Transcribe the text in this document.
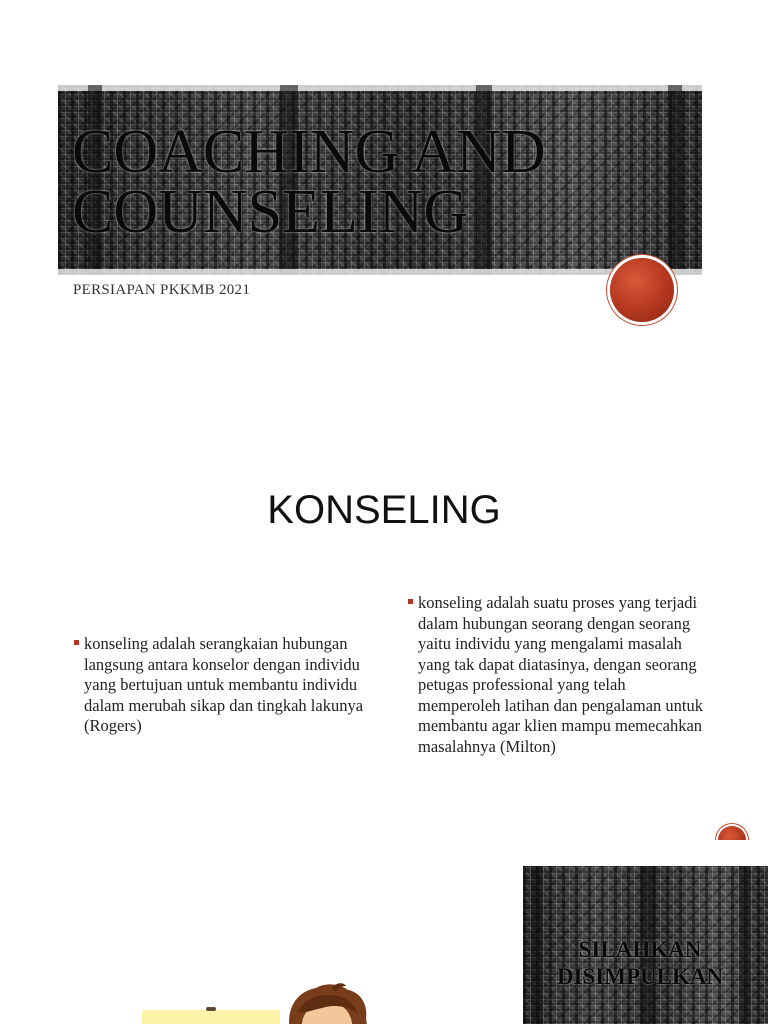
COACHING AND
COUNSELING

PERSIAPAN PKKMB 2021

KONSELING
konseling adalah serangkaian hubungan langsung antara konselor dengan individu yang bertujuan untuk membantu individu dalam merubah sikap dan tingkah lakunya (Rogers)
konseling adalah suatu proses yang terjadi dalam hubungan seorang dengan seorang yaitu individu yang mengalami masalah yang tak dapat diatasinya, dengan seorang petugas professional yang telah memperoleh latihan dan pengalaman untuk membantu agar klien mampu memecahkan masalahnya (Milton)

SILAHKAN
DISIMPULKAN
